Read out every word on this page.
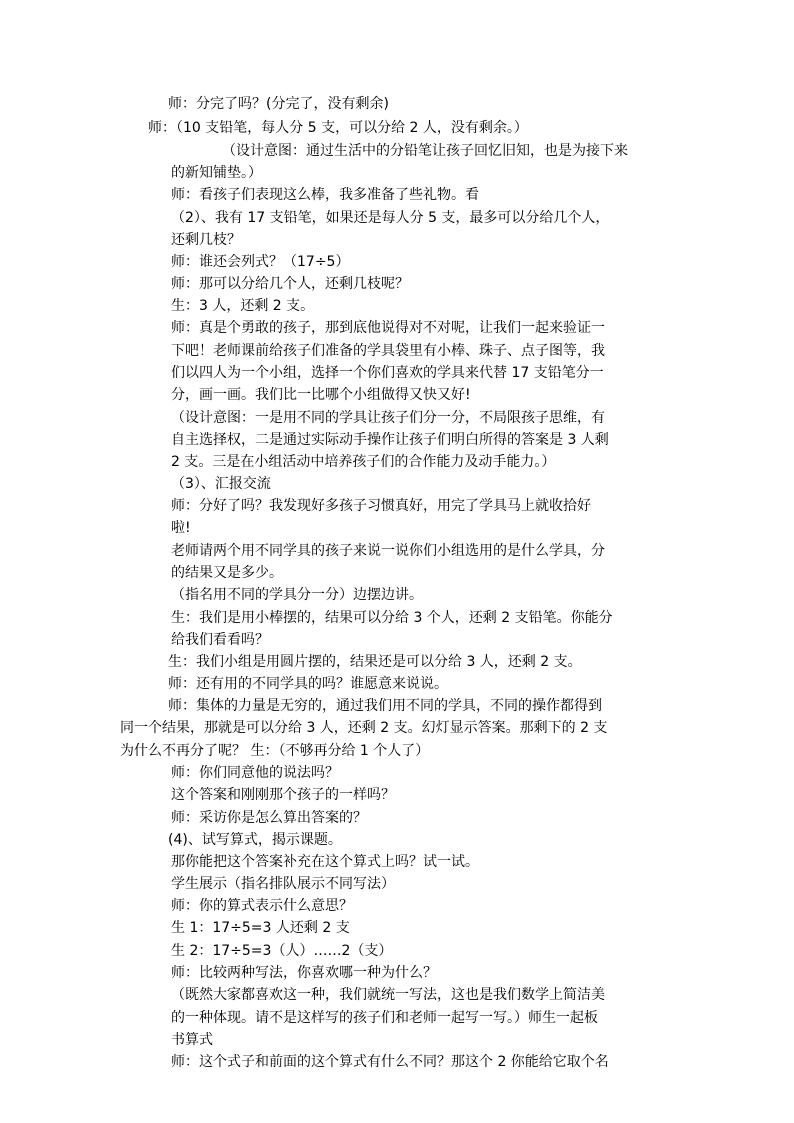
师：分完了吗？(分完了，没有剩余)

师：（10 支铅笔，每人分 5 支，可以分给 2 人，没有剩余。）

（设计意图：通过生活中的分铅笔让孩子回忆旧知，也是为接下来

的新知铺垫。）

师：看孩子们表现这么棒，我多准备了些礼物。看

（2）、我有 17 支铅笔，如果还是每人分 5 支，最多可以分给几个人，

还剩几枝？

师：谁还会列式？（17÷5）

师：那可以分给几个人，还剩几枝呢？

生：3 人，还剩 2 支。

师：真是个勇敢的孩子，那到底他说得对不对呢，让我们一起来验证一

下吧！老师课前给孩子们准备的学具袋里有小棒、珠子、点子图等，我

们以四人为一个小组，选择一个你们喜欢的学具来代替 17 支铅笔分一

分，画一画。我们比一比哪个小组做得又快又好!

（设计意图：一是用不同的学具让孩子们分一分，不局限孩子思维，有

自主选择权，二是通过实际动手操作让孩子们明白所得的答案是 3 人剩

2 支。三是在小组活动中培养孩子们的合作能力及动手能力。）

（3）、汇报交流

师：分好了吗？我发现好多孩子习惯真好，用完了学具马上就收拾好

啦!

老师请两个用不同学具的孩子来说一说你们小组选用的是什么学具，分

的结果又是多少。

（指名用不同的学具分一分）边摆边讲。

生：我们是用小棒摆的，结果可以分给 3 个人，还剩 2 支铅笔。你能分

给我们看看吗？

生：我们小组是用圆片摆的，结果还是可以分给 3 人，还剩 2 支。

师：还有用的不同学具的吗？谁愿意来说说。

师：集体的力量是无穷的，通过我们用不同的学具，不同的操作都得到

同一个结果，那就是可以分给 3 人，还剩 2 支。幻灯显示答案。那剩下的 2 支

为什么不再分了呢？ 生：（不够再分给 1 个人了）

师：你们同意他的说法吗？

这个答案和刚刚那个孩子的一样吗？

师：采访你是怎么算出答案的？

(4)、试写算式，揭示课题。

那你能把这个答案补充在这个算式上吗？试一试。

学生展示（指名排队展示不同写法）

师：你的算式表示什么意思？

生 1：17÷5=3 人还剩 2 支

生 2：17÷5=3（人）……2（支）

师：比较两种写法，你喜欢哪一种为什么？

（既然大家都喜欢这一种，我们就统一写法，这也是我们数学上简洁美

的一种体现。请不是这样写的孩子们和老师一起写一写。）师生一起板

书算式

师：这个式子和前面的这个算式有什么不同？那这个 2 你能给它取个名
